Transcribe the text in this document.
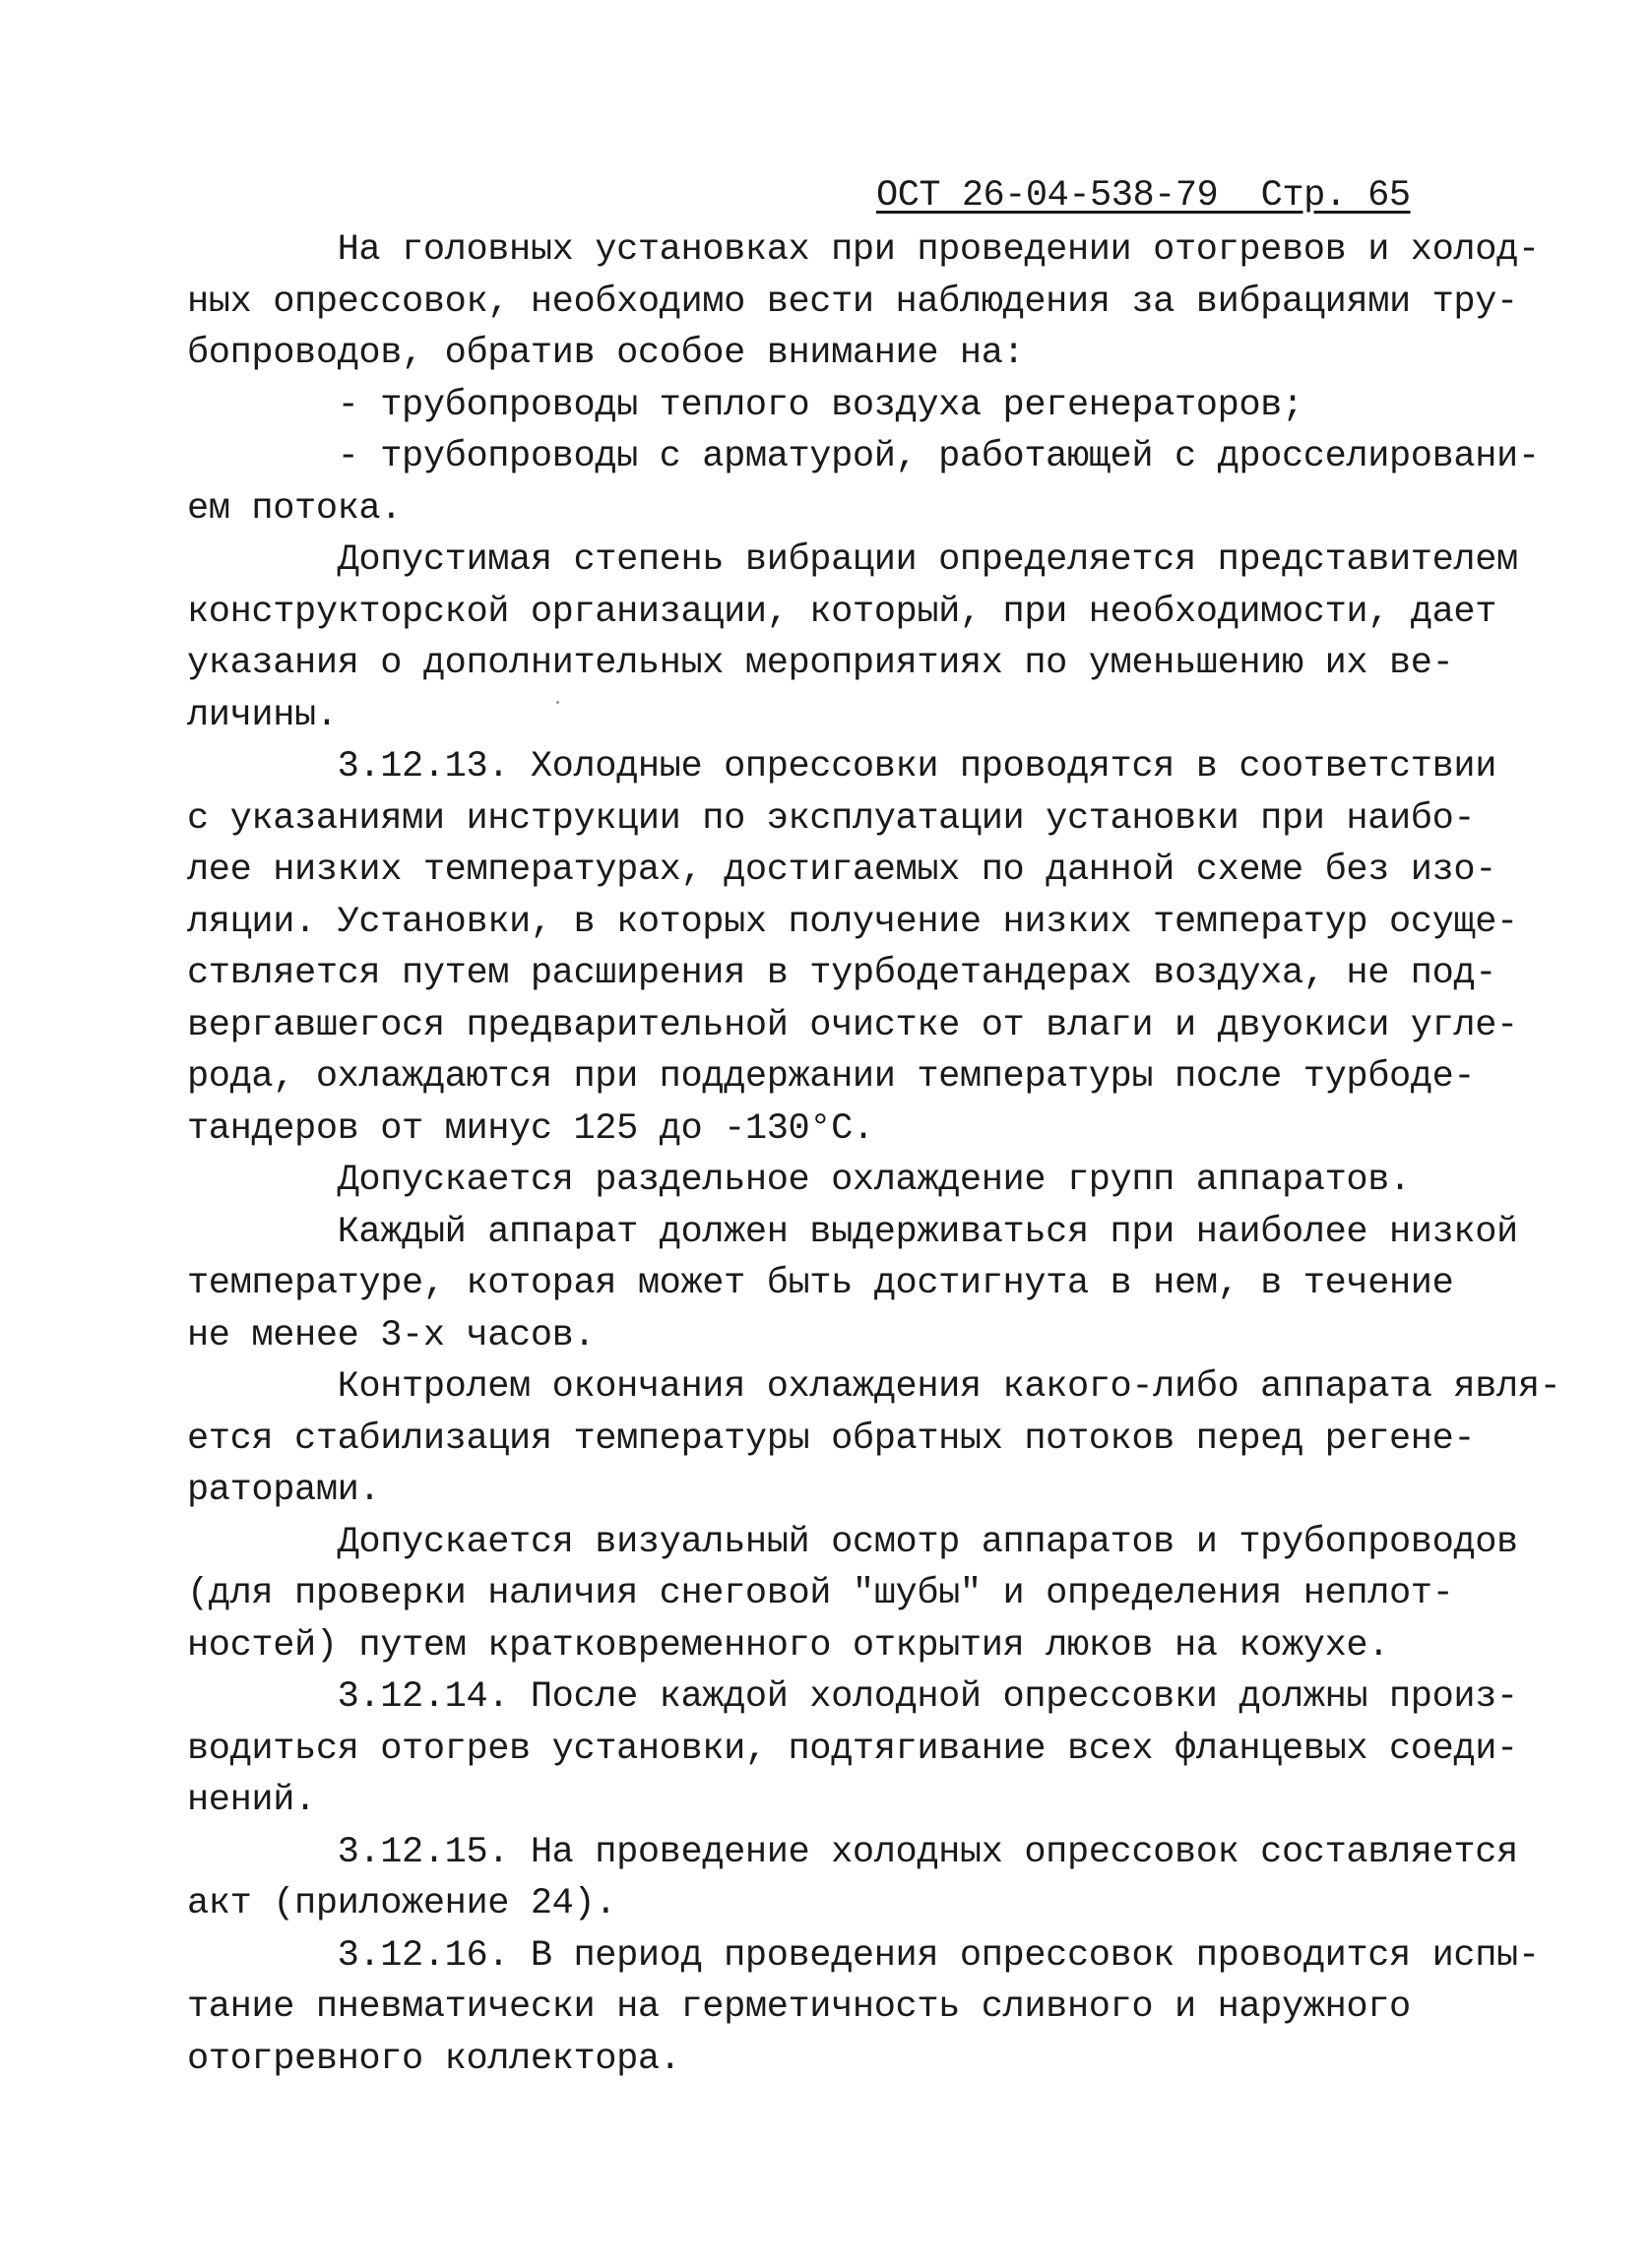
ОСТ 26-04-538-79  Стр. 65
На головных установках при проведении отогревов и холод-
ных опрессовок, необходимо вести наблюдения за вибрациями тру-
бопроводов, обратив особое внимание на:
- трубопроводы теплого воздуха регенераторов;
- трубопроводы с арматурой, работающей с дросселировани-
ем потока.
Допустимая степень вибрации определяется представителем
конструкторской организации, который, при необходимости, дает
указания о дополнительных мероприятиях по уменьшению их ве-
личины.
3.12.13. Холодные опрессовки проводятся в соответствии
с указаниями инструкции по эксплуатации установки при наибо-
лее низких температурах, достигаемых по данной схеме без изо-
ляции. Установки, в которых получение низких температур осуще-
ствляется путем расширения в турбодетандерах воздуха, не под-
вергавшегося предварительной очистке от влаги и двуокиси угле-
рода, охлаждаются при поддержании температуры после турбоде-
тандеров от минус 125 до -130°С.
Допускается раздельное охлаждение групп аппаратов.
Каждый аппарат должен выдерживаться при наиболее низкой
температуре, которая может быть достигнута в нем, в течение
не менее 3-х часов.
Контролем окончания охлаждения какого-либо аппарата явля-
ется стабилизация температуры обратных потоков перед регене-
раторами.
Допускается визуальный осмотр аппаратов и трубопроводов
(для проверки наличия снеговой "шубы" и определения неплот-
ностей) путем кратковременного открытия люков на кожухе.
3.12.14. После каждой холодной опрессовки должны произ-
водиться отогрев установки, подтягивание всех фланцевых соеди-
нений.
3.12.15. На проведение холодных опрессовок составляется
акт (приложение 24).
3.12.16. В период проведения опрессовок проводится испы-
тание пневматически на герметичность сливного и наружного
отогревного коллектора.
